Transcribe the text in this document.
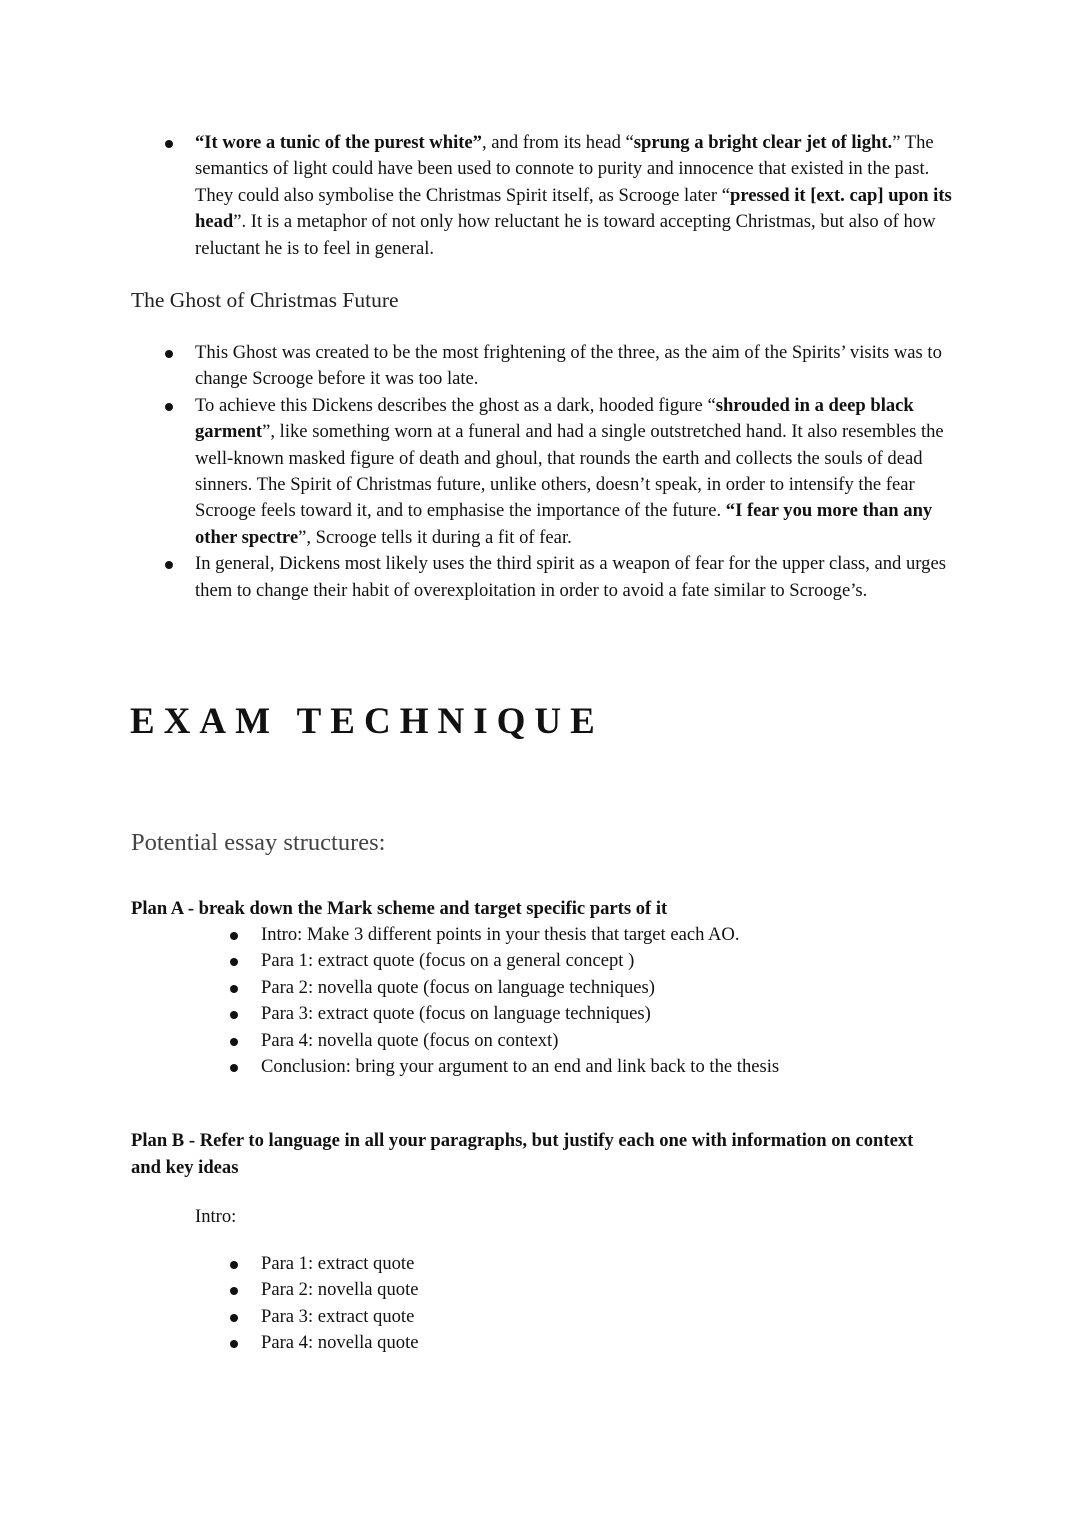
“It wore a tunic of the purest white”, and from its head “sprung a bright clear jet of light.” The semantics of light could have been used to connote to purity and innocence that existed in the past. They could also symbolise the Christmas Spirit itself, as Scrooge later “pressed it [ext. cap] upon its head”. It is a metaphor of not only how reluctant he is toward accepting Christmas, but also of how reluctant he is to feel in general.
The Ghost of Christmas Future
This Ghost was created to be the most frightening of the three, as the aim of the Spirits’ visits was to change Scrooge before it was too late.
To achieve this Dickens describes the ghost as a dark, hooded figure “shrouded in a deep black garment”, like something worn at a funeral and had a single outstretched hand. It also resembles the well-known masked figure of death and ghoul, that rounds the earth and collects the souls of dead sinners. The Spirit of Christmas future, unlike others, doesn’t speak, in order to intensify the fear Scrooge feels toward it, and to emphasise the importance of the future. “I fear you more than any other spectre”, Scrooge tells it during a fit of fear.
In general, Dickens most likely uses the third spirit as a weapon of fear for the upper class, and urges them to change their habit of overexploitation in order to avoid a fate similar to Scrooge’s.
EXAM TECHNIQUE
Potential essay structures:

Plan A - break down the Mark scheme and target specific parts of it

Intro: Make 3 different points in your thesis that target each AO.
Para 1: extract quote (focus on a general concept )
Para 2: novella quote (focus on language techniques)
Para 3: extract quote (focus on language techniques)
Para 4: novella quote (focus on context)
Conclusion: bring your argument to an end and link back to the thesis

Plan B - Refer to language in all your paragraphs, but justify each one with information on context and key ideas

Intro:
Para 1: extract quote
Para 2: novella quote
Para 3: extract quote
Para 4: novella quote
